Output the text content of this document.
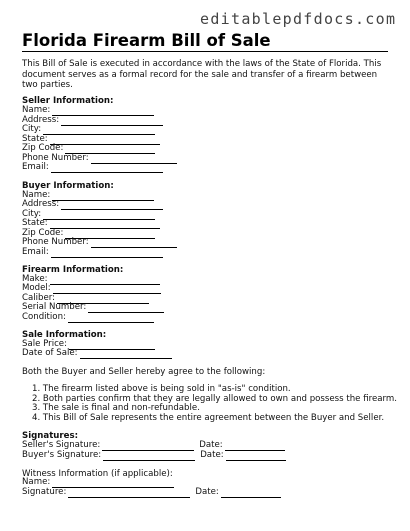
editablepdfdocs.com
Florida Firearm Bill of Sale
This Bill of Sale is executed in accordance with the laws of the State of Florida. This document serves as a formal record for the sale and transfer of a firearm between two parties.
Seller Information:
Name:
Address:
City:
State:
Zip Code:
Phone Number:
Email:
Buyer Information:
Name:
Address:
City:
State:
Zip Code:
Phone Number:
Email:
Firearm Information:
Make:
Model:
Caliber:
Serial Number:
Condition:
Sale Information:
Sale Price:
Date of Sale:
Both the Buyer and Seller hereby agree to the following:
1. The firearm listed above is being sold in "as-is" condition.
2. Both parties confirm that they are legally allowed to own and possess the firearm.
3. The sale is final and non-refundable.
4. This Bill of Sale represents the entire agreement between the Buyer and Seller.
Signatures:
Seller's Signature:	Date:
Buyer's Signature:	Date:
Witness Information (if applicable):
Name:
Signature:	Date:
